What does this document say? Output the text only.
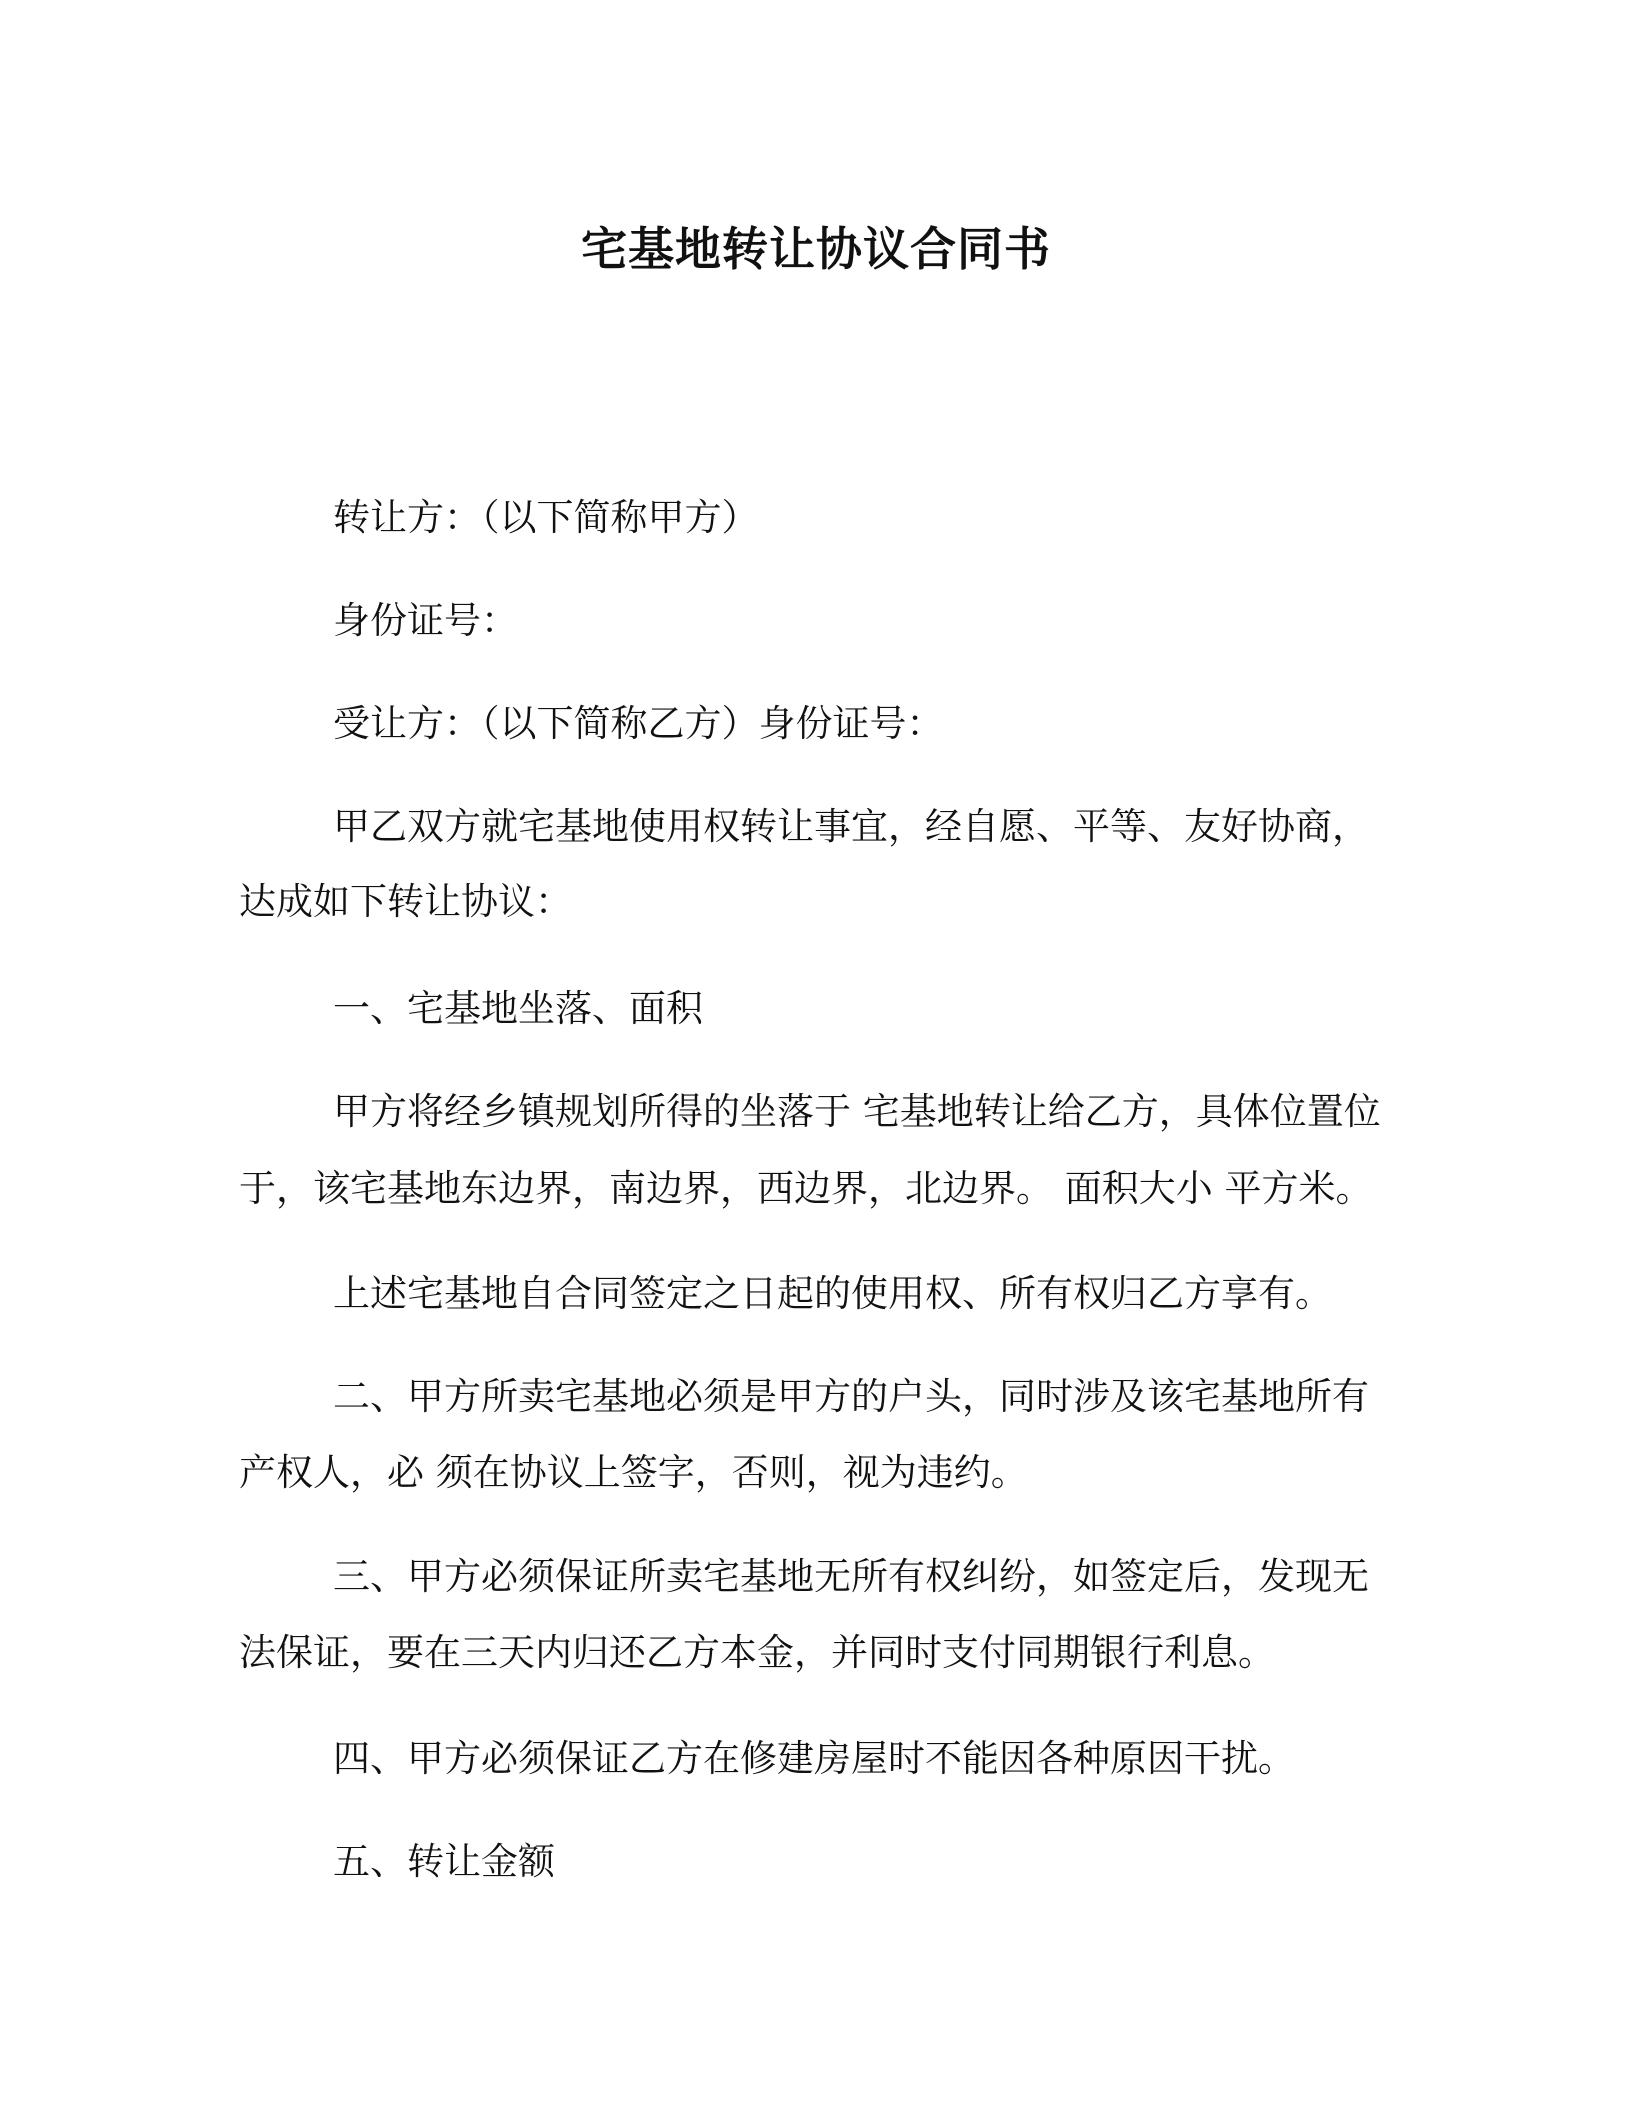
宅基地转让协议合同书
转让方：（以下简称甲方）
身份证号：
受让方：（以下简称乙方）身份证号：
甲乙双方就宅基地使用权转让事宜，经自愿、平等、友好协商，
达成如下转让协议：
一、宅基地坐落、面积
甲方将经乡镇规划所得的坐落于 宅基地转让给乙方，具体位置位
于，该宅基地东边界，南边界，西边界，北边界。 面积大小 平方米。
上述宅基地自合同签定之日起的使用权、所有权归乙方享有。
二、甲方所卖宅基地必须是甲方的户头，同时涉及该宅基地所有
产权人，必 须在协议上签字，否则，视为违约。
三、甲方必须保证所卖宅基地无所有权纠纷，如签定后，发现无
法保证，要在三天内归还乙方本金，并同时支付同期银行利息。
四、甲方必须保证乙方在修建房屋时不能因各种原因干扰。
五、转让金额
